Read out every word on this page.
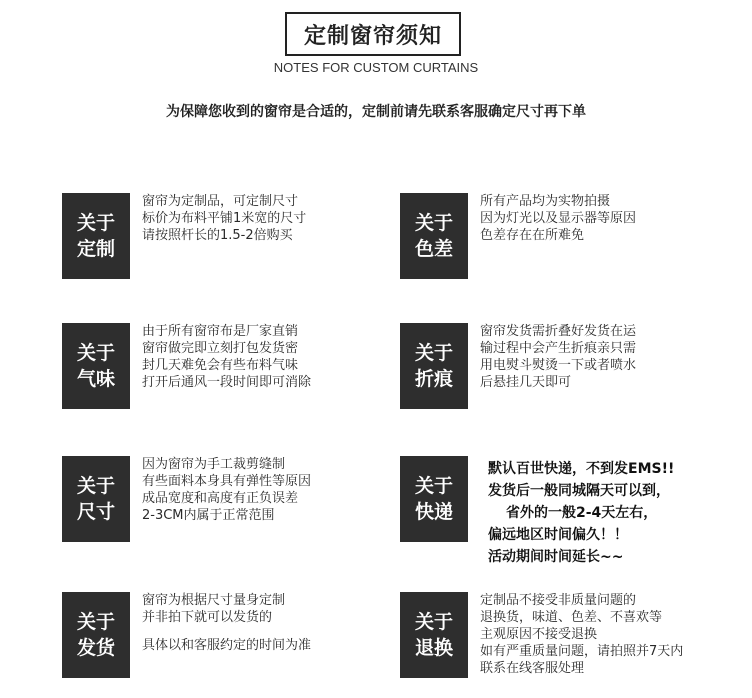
定制窗帘须知
NOTES FOR CUSTOM CURTAINS
为保障您收到的窗帘是合适的，定制前请先联系客服确定尺寸再下单
关于
定制
窗帘为定制品，可定制尺寸
标价为布料平铺1米宽的尺寸
请按照杆长的1.5-2倍购买
关于
色差
所有产品均为实物拍摄
因为灯光以及显示器等原因
色差存在在所难免
关于
气味
由于所有窗帘布是厂家直销
窗帘做完即立刻打包发货密
封几天难免会有些布料气味
打开后通风一段时间即可消除
关于
折痕
窗帘发货需折叠好发货在运
输过程中会产生折痕亲只需
用电熨斗熨烫一下或者喷水
后悬挂几天即可
关于
尺寸
因为窗帘为手工裁剪缝制
有些面料本身具有弹性等原因
成品宽度和高度有正负误差
2-3CM内属于正常范围
关于
快递
默认百世快递，不到发EMS!!
发货后一般同城隔天可以到，
省外的一般2-4天左右，
偏远地区时间偏久！！
活动期间时间延长~~
关于
发货
窗帘为根据尺寸量身定制
并非拍下就可以发货的
具体以和客服约定的时间为准
关于
退换
定制品不接受非质量问题的
退换货，味道、色差、不喜欢等
主观原因不接受退换
如有严重质量问题，请拍照并7天内
联系在线客服处理
